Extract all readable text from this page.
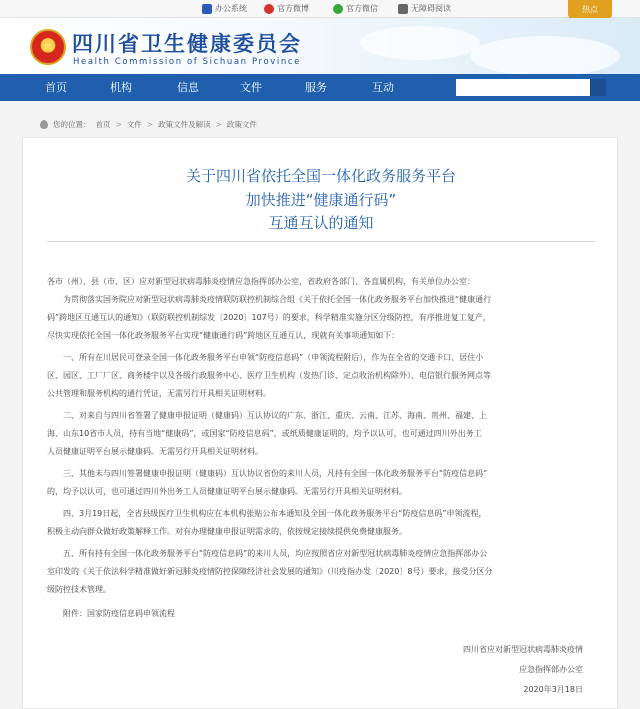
办公系统	官方微博	官方微信	无障碍阅读	热点
★ 四川省卫生健康委员会
Health Commission of Sichuan Province
首页	机构	信息	文件	服务	互动
您的位置： 首页 > 文件 > 政策文件及解读 > 政策文件
关于四川省依托全国一体化政务服务平台
加快推进“健康通行码”
互通互认的通知
各市（州）、县（市、区）应对新型冠状病毒肺炎疫情应急指挥部办公室，省政府各部门、各直属机构，有关单位办公室：
为贯彻落实国务院应对新型冠状病毒肺炎疫情联防联控机制综合组《关于依托全国一体化政务服务平台加快推进“健康通行
码”跨地区互通互认的通知》（联防联控机制综发〔2020〕107号）的要求，科学精准实施分区分级防控，有序推进复工复产，
尽快实现依托全国一体化政务服务平台实现“健康通行码”跨地区互通互认，现就有关事项通知如下：
一、所有在川居民可登录全国一体化政务服务平台申领“防疫信息码”（申领流程附后），作为在全省的交通卡口、居住小
区、园区、工厂厂区、商务楼宇以及各级行政服务中心、医疗卫生机构（发热门诊、定点收治机构除外）、电信银行服务网点等
公共管理和服务机构的通行凭证，无需另行开具相关证明材料。
二、对来自与四川省签署了健康申报证明（健康码）互认协议的广东、浙江、重庆、云南、江苏、海南、贵州、福建、上
海、山东10省市人员，持有当地“健康码”，或国家“防疫信息码”，或纸质健康证明的，均予以认可，也可通过四川外出务工
人员健康证明平台展示健康码。无需另行开具相关证明材料。
三、其他未与四川签署健康申报证明（健康码）互认协议省份的来川人员，凡持有全国一体化政务服务平台“防疫信息码”
的，均予以认可，也可通过四川外出务工人员健康证明平台展示健康码。无需另行开具相关证明材料。
四、3月19日起，全省县级医疗卫生机构应在本机构张贴公布本通知及全国一体化政务服务平台“防疫信息码”申领流程，
积极主动向群众做好政策解释工作。对有办理健康申报证明需求的，依按规定接续提供免费健康服务。
五、所有持有全国一体化政务服务平台“防疫信息码”的来川人员，均应按照省应对新型冠状病毒肺炎疫情应急指挥部办公
室印发的《关于依法科学精准做好新冠肺炎疫情防控保障经济社会发展的通知》（川疫指办发〔2020〕8号）要求，接受分区分
级防控技术管理。
附件：国家防疫信息码申领流程
四川省应对新型冠状病毒肺炎疫情
应急指挥部办公室
2020年3月18日
